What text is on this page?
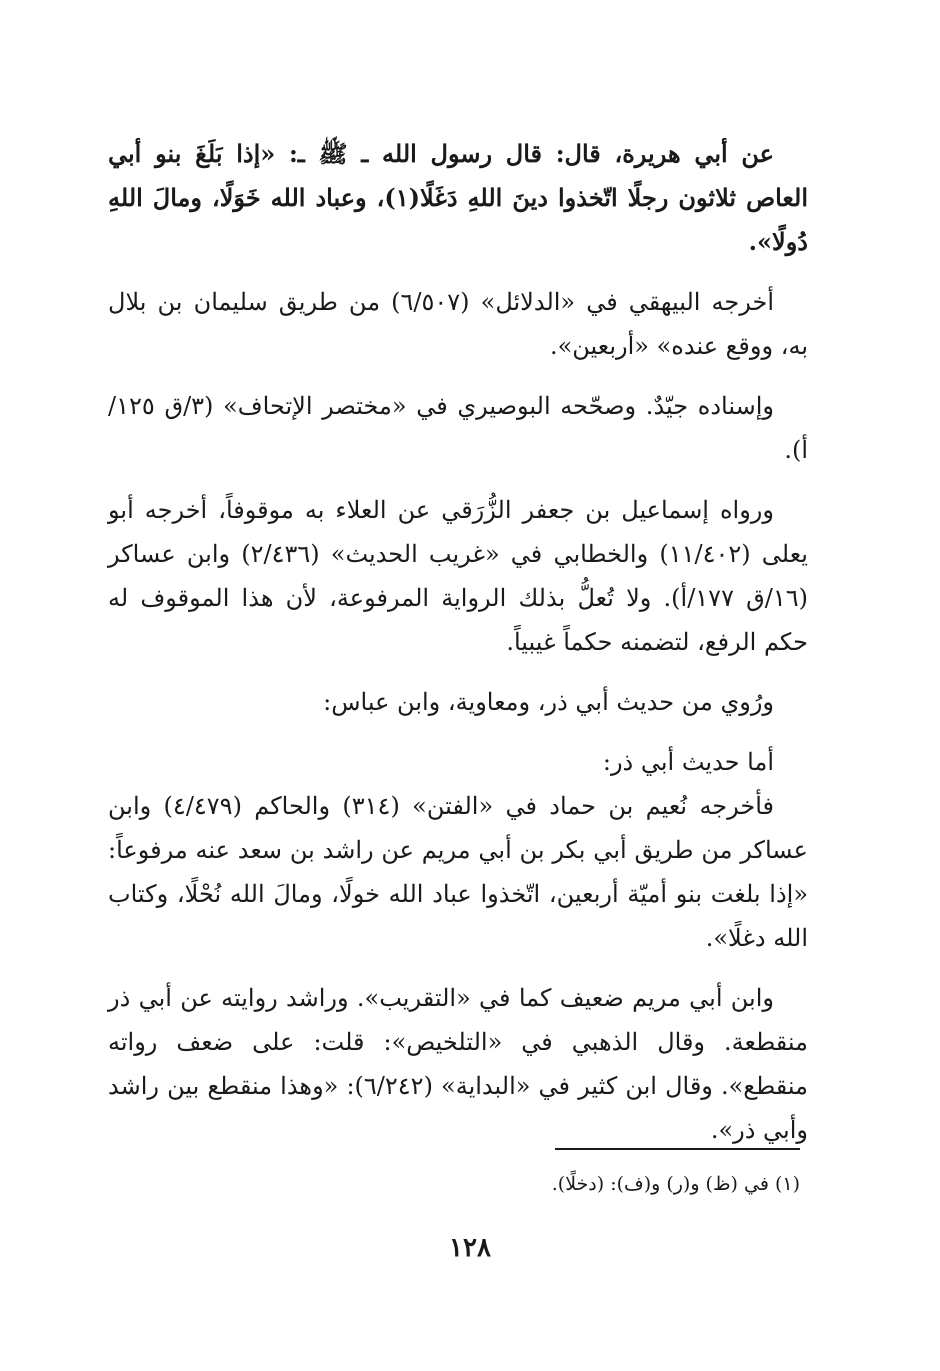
عن أبي هريرة، قال: قال رسول الله ـ ﷺ ـ: «إذا بَلَغَ بنو أبي العاص ثلاثون رجلًا اتّخذوا دينَ اللهِ دَغَلًا(١)، وعباد الله خَوَلًا، ومالَ اللهِ دُولًا».

أخرجه البيهقي في «الدلائل» (٦/٥٠٧) من طريق سليمان بن بلال به، ووقع عنده» «أربعين».

وإسناده جيّدٌ. وصحّحه البوصيري في «مختصر الإتحاف» (٣/ق ١٢٥/أ).

ورواه إسماعيل بن جعفر الزُّرَقي عن العلاء به موقوفاً، أخرجه أبو يعلى (١١/٤٠٢) والخطابي في «غريب الحديث» (٢/٤٣٦) وابن عساكر (١٦/ق ١٧٧/أ). ولا تُعلُّ بذلك الرواية المرفوعة، لأن هذا الموقوف له حكم الرفع، لتضمنه حكماً غيبياً.

ورُوي من حديث أبي ذر، ومعاوية، وابن عباس:

أما حديث أبي ذر:

فأخرجه نُعيم بن حماد في «الفتن» (٣١٤) والحاكم (٤/٤٧٩) وابن عساكر من طريق أبي بكر بن أبي مريم عن راشد بن سعد عنه مرفوعاً: «إذا بلغت بنو أميّة أربعين، اتّخذوا عباد الله خولًا، ومالَ الله نُحْلًا، وكتاب الله دغلًا».

وابن أبي مريم ضعيف كما في «التقريب». وراشد روايته عن أبي ذر منقطعة. وقال الذهبي في «التلخيص»: قلت: على ضعف رواته منقطع». وقال ابن كثير في «البداية» (٦/٢٤٢): «وهذا منقطع بين راشد وأبي ذر».

(١) في (ظ) و(ر) و(ف): (دخلًا).
١٢٨
